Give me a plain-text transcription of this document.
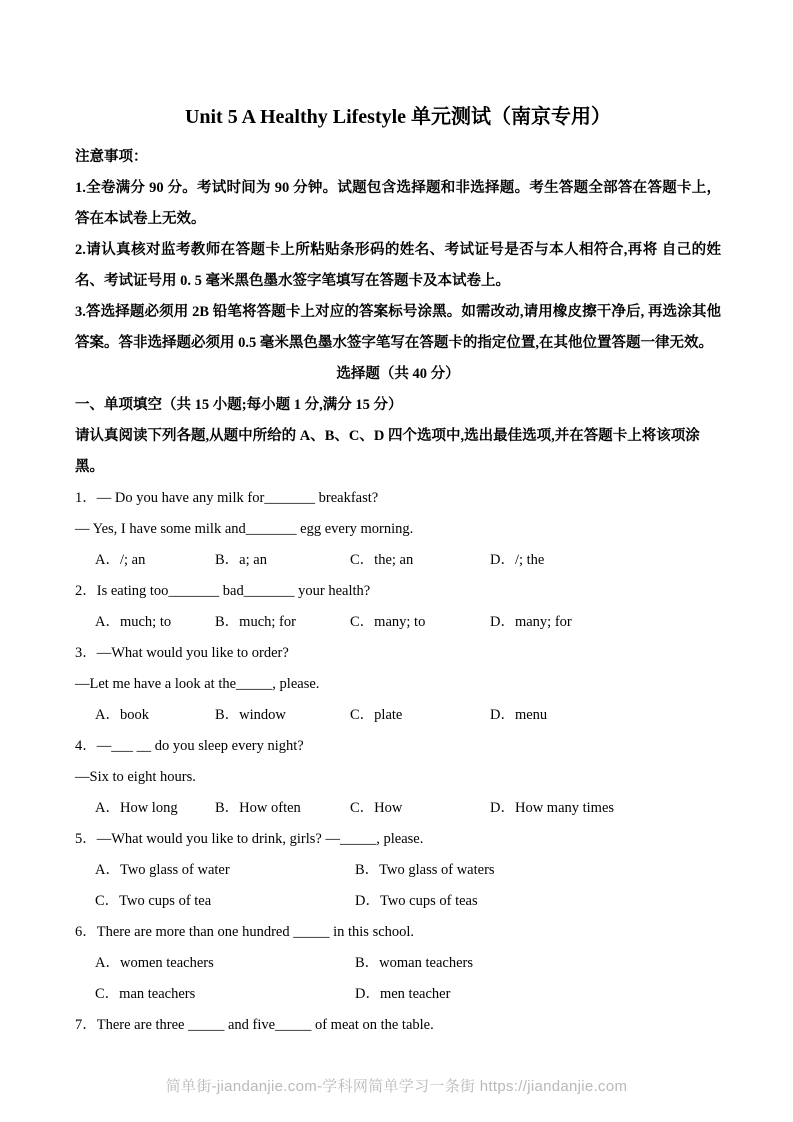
Unit 5 A Healthy Lifestyle 单元测试（南京专用）

注意事项：

1.全卷满分 90 分。考试时间为 90 分钟。试题包含选择题和非选择题。考生答题全部答在答题卡上，答在本试卷上无效。

2.请认真核对监考教师在答题卡上所粘贴条形码的姓名、考试证号是否与本人相符合,再将 自己的姓名、考试证号用 0. 5 毫米黑色墨水签字笔填写在答题卡及本试卷上。

3.答选择题必须用 2B 铅笔将答题卡上对应的答案标号涂黑。如需改动,请用橡皮擦干净后, 再选涂其他答案。答非选择题必须用 0.5 毫米黑色墨水签字笔写在答题卡的指定位置,在其他位置答题一律无效。

选择题（共 40 分）

一、单项填空（共 15 小题;每小题 1 分,满分 15 分）

请认真阅读下列各题,从题中所给的 A、B、C、D 四个选项中,选出最佳选项,并在答题卡上将该项涂黑。

1．— Do you have any milk for_______ breakfast?

— Yes, I have some milk and_______ egg every morning.

A．/; an	B．a; an	C．the; an	D．/; the

2．Is eating too_______ bad_______ your health?

A．much; to	B．much; for	C．many; to	D．many; for

3．—What would you like to order?

—Let me have a look at the_____, please.

A．book	B．window	C．plate	D．menu

4．—___ __ do you sleep every night?

—Six to eight hours.

A．How long	B．How often	C．How	D．How many times

5．—What would you like to drink, girls? —_____, please.

A．Two glass of water	B．Two glass of waters
C．Two cups of tea	D．Two cups of teas

6．There are more than one hundred _____ in this school.

A．women teachers	B．woman teachers
C．man teachers	D．men teacher

7．There are three _____ and five_____ of meat on the table.

简单街-jiandanjie.com-学科网简单学习一条街 https://jiandanjie.com
